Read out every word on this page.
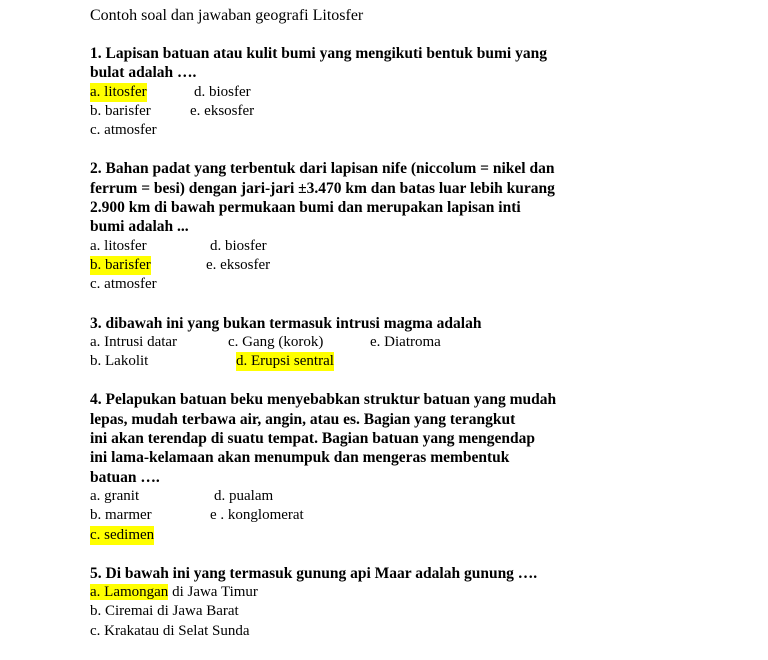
Contoh soal dan jawaban geografi Litosfer
1. Lapisan batuan atau kulit bumi yang mengikuti bentuk bumi yang
bulat adalah ….
a. litosfer	d. biosfer
b. barisfer	e. eksosfer
c. atmosfer
2. Bahan padat yang terbentuk dari lapisan nife (niccolum = nikel dan
ferrum = besi) dengan jari-jari ±3.470 km dan batas luar lebih kurang
2.900 km di bawah permukaan bumi dan merupakan lapisan inti
bumi adalah ...
a. litosfer	d. biosfer
b. barisfer	e. eksosfer
c. atmosfer
3. dibawah ini yang bukan termasuk intrusi magma adalah
a. Intrusi datar	c. Gang (korok)	e. Diatroma
b. Lakolit	d. Erupsi sentral
4. Pelapukan batuan beku menyebabkan struktur batuan yang mudah
lepas, mudah terbawa air, angin, atau es. Bagian yang terangkut
ini akan terendap di suatu tempat. Bagian batuan yang mengendap
ini lama-kelamaan akan menumpuk dan mengeras membentuk
batuan ….
a. granit	d. pualam
b. marmer	e . konglomerat
c. sedimen
5. Di bawah ini yang termasuk gunung api Maar adalah gunung ….
a. Lamongan di Jawa Timur
b. Ciremai di Jawa Barat
c. Krakatau di Selat Sunda
